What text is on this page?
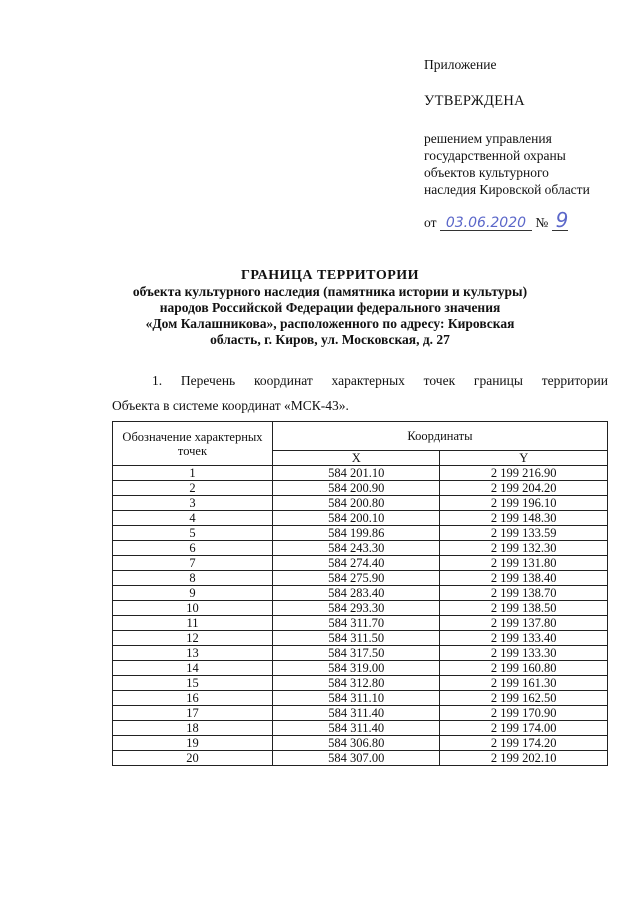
Приложение

УТВЕРЖДЕНА

решением управления
государственной охраны
объектов культурного
наследия Кировской области

от 03.06.2020 № 9

ГРАНИЦА ТЕРРИТОРИИ
объекта культурного наследия (памятника истории и культуры)
народов Российской Федерации федерального значения
«Дом Калашникова», расположенного по адресу: Кировская
область, г. Киров, ул. Московская, д. 27
1. Перечень координат характерных точек границы территории
Объекта в системе координат «МСК-43».
Обозначение характерных точек	Координаты	
	X	Y
1	584 201.10	2 199 216.90
2	584 200.90	2 199 204.20
3	584 200.80	2 199 196.10
4	584 200.10	2 199 148.30
5	584 199.86	2 199 133.59
6	584 243.30	2 199 132.30
7	584 274.40	2 199 131.80
8	584 275.90	2 199 138.40
9	584 283.40	2 199 138.70
10	584 293.30	2 199 138.50
11	584 311.70	2 199 137.80
12	584 311.50	2 199 133.40
13	584 317.50	2 199 133.30
14	584 319.00	2 199 160.80
15	584 312.80	2 199 161.30
16	584 311.10	2 199 162.50
17	584 311.40	2 199 170.90
18	584 311.40	2 199 174.00
19	584 306.80	2 199 174.20
20	584 307.00	2 199 202.10
